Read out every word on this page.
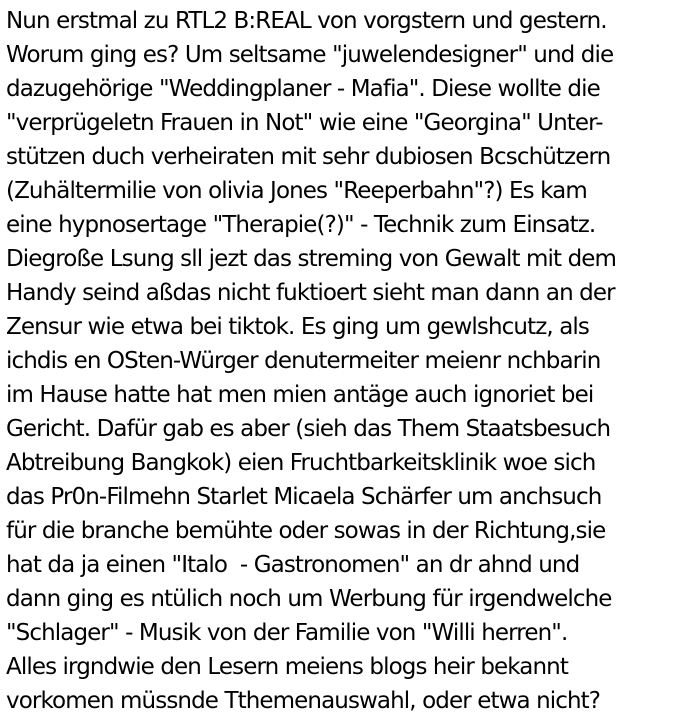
Nun erstmal zu RTL2 B:REAL von vorgstern und gestern.
Worum ging es? Um seltsame "juwelendesigner" und die
dazugehörige "Weddingplaner - Mafia". Diese wollte die
"verprügeletn Frauen in Not" wie eine "Georgina" Unter-
stützen duch verheiraten mit sehr dubiosen Bcschützern
(Zuhältermilie von olivia Jones "Reeperbahn"?) Es kam
eine hypnosertage "Therapie(?)" - Technik zum Einsatz.
Diegroße Lsung sll jezt das streming von Gewalt mit dem
Handy seind aßdas nicht fuktioert sieht man dann an der
Zensur wie etwa bei tiktok. Es ging um gewlshcutz, als
ichdis en OSten-Würger denutermeiter meienr nchbarin
im Hause hatte hat men mien antäge auch ignoriet bei
Gericht. Dafür gab es aber (sieh das Them Staatsbesuch
Abtreibung Bangkok) eien Fruchtbarkeitsklinik woe sich
das Pr0n-Filmehn Starlet Micaela Schärfer um anchsuch
für die branche bemühte oder sowas in der Richtung,sie
hat da ja einen "Italo  - Gastronomen" an dr ahnd und
dann ging es ntülich noch um Werbung für irgendwelche
"Schlager" - Musik von der Familie von "Willi herren".
Alles irgndwie den Lesern meiens blogs heir bekannt
vorkomen müssnde Tthemenauswahl, oder etwa nicht?
